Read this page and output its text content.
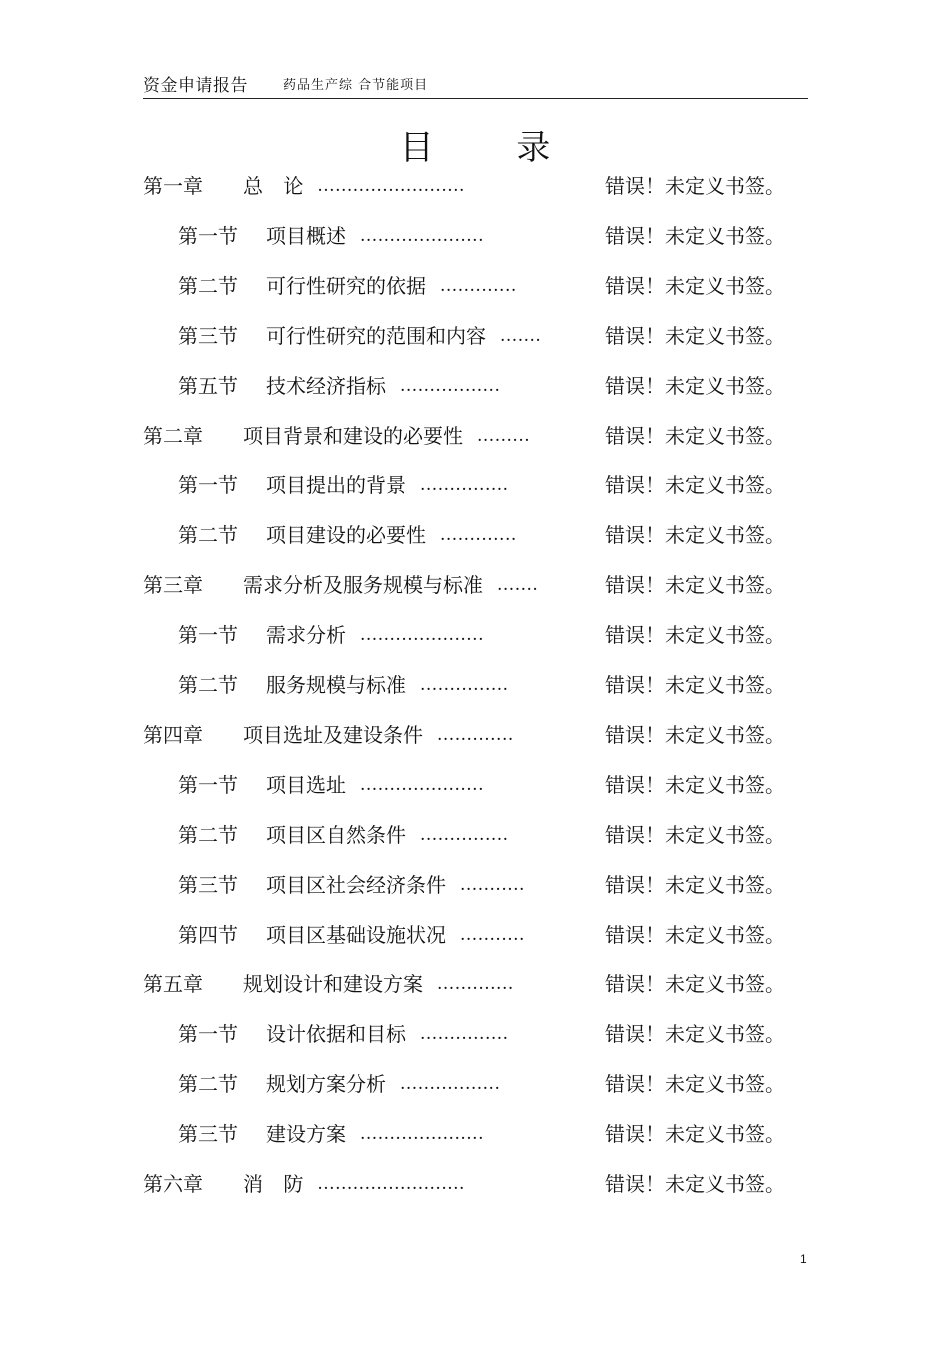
资金申请报告	药品生产综 合节能项目
目 录
第一章 总 论 .........................	错误！未定义书签。
第一节 项目概述 .....................	错误！未定义书签。
第二节 可行性研究的依据 .............	错误！未定义书签。
第三节 可行性研究的范围和内容 .......	错误！未定义书签。
第五节 技术经济指标 .................	错误！未定义书签。
第二章 项目背景和建设的必要性 .........	错误！未定义书签。
第一节 项目提出的背景 ...............	错误！未定义书签。
第二节 项目建设的必要性 .............	错误！未定义书签。
第三章 需求分析及服务规模与标准 .......	错误！未定义书签。
第一节 需求分析 .....................	错误！未定义书签。
第二节 服务规模与标准 ...............	错误！未定义书签。
第四章 项目选址及建设条件 .............	错误！未定义书签。
第一节 项目选址 .....................	错误！未定义书签。
第二节 项目区自然条件 ...............	错误！未定义书签。
第三节 项目区社会经济条件 ...........	错误！未定义书签。
第四节 项目区基础设施状况 ...........	错误！未定义书签。
第五章 规划设计和建设方案 .............	错误！未定义书签。
第一节 设计依据和目标 ...............	错误！未定义书签。
第二节 规划方案分析 .................	错误！未定义书签。
第三节 建设方案 .....................	错误！未定义书签。
第六章 消 防 .........................	错误！未定义书签。
1
